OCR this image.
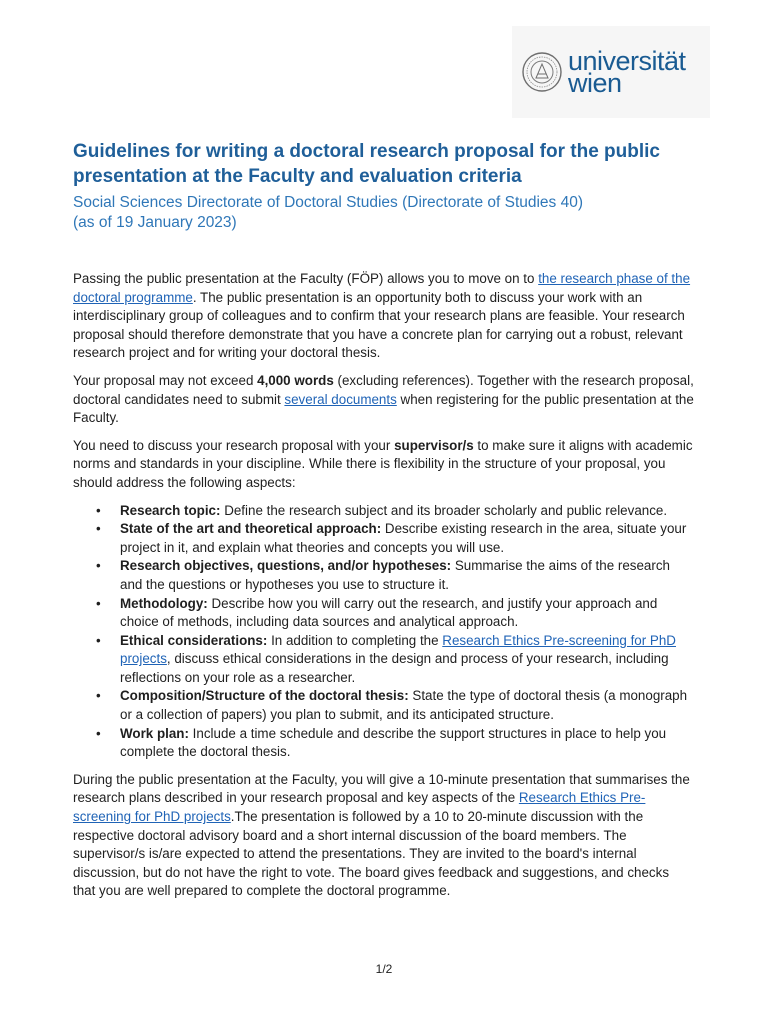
universität
wien
Guidelines for writing a doctoral research proposal for the public presentation at the Faculty and evaluation criteria
Social Sciences Directorate of Doctoral Studies (Directorate of Studies 40)
(as of 19 January 2023)

Passing the public presentation at the Faculty (FÖP) allows you to move on to the research phase of the doctoral programme. The public presentation is an opportunity both to discuss your work with an interdisciplinary group of colleagues and to confirm that your research plans are feasible. Your research proposal should therefore demonstrate that you have a concrete plan for carrying out a robust, relevant research project and for writing your doctoral thesis.

Your proposal may not exceed 4,000 words (excluding references). Together with the research proposal, doctoral candidates need to submit several documents when registering for the public presentation at the Faculty.

You need to discuss your research proposal with your supervisor/s to make sure it aligns with academic norms and standards in your discipline. While there is flexibility in the structure of your proposal, you should address the following aspects:

• Research topic: Define the research subject and its broader scholarly and public relevance.
• State of the art and theoretical approach: Describe existing research in the area, situate your project in it, and explain what theories and concepts you will use.
• Research objectives, questions, and/or hypotheses: Summarise the aims of the research and the questions or hypotheses you use to structure it.
• Methodology: Describe how you will carry out the research, and justify your approach and choice of methods, including data sources and analytical approach.
• Ethical considerations: In addition to completing the Research Ethics Pre-screening for PhD projects, discuss ethical considerations in the design and process of your research, including reflections on your role as a researcher.
• Composition/Structure of the doctoral thesis: State the type of doctoral thesis (a monograph or a collection of papers) you plan to submit, and its anticipated structure.
• Work plan: Include a time schedule and describe the support structures in place to help you complete the doctoral thesis.

During the public presentation at the Faculty, you will give a 10-minute presentation that summarises the research plans described in your research proposal and key aspects of the Research Ethics Pre-screening for PhD projects.The presentation is followed by a 10 to 20-minute discussion with the respective doctoral advisory board and a short internal discussion of the board members. The supervisor/s is/are expected to attend the presentations. They are invited to the board's internal discussion, but do not have the right to vote. The board gives feedback and suggestions, and checks that you are well prepared to complete the doctoral programme.

1/2
